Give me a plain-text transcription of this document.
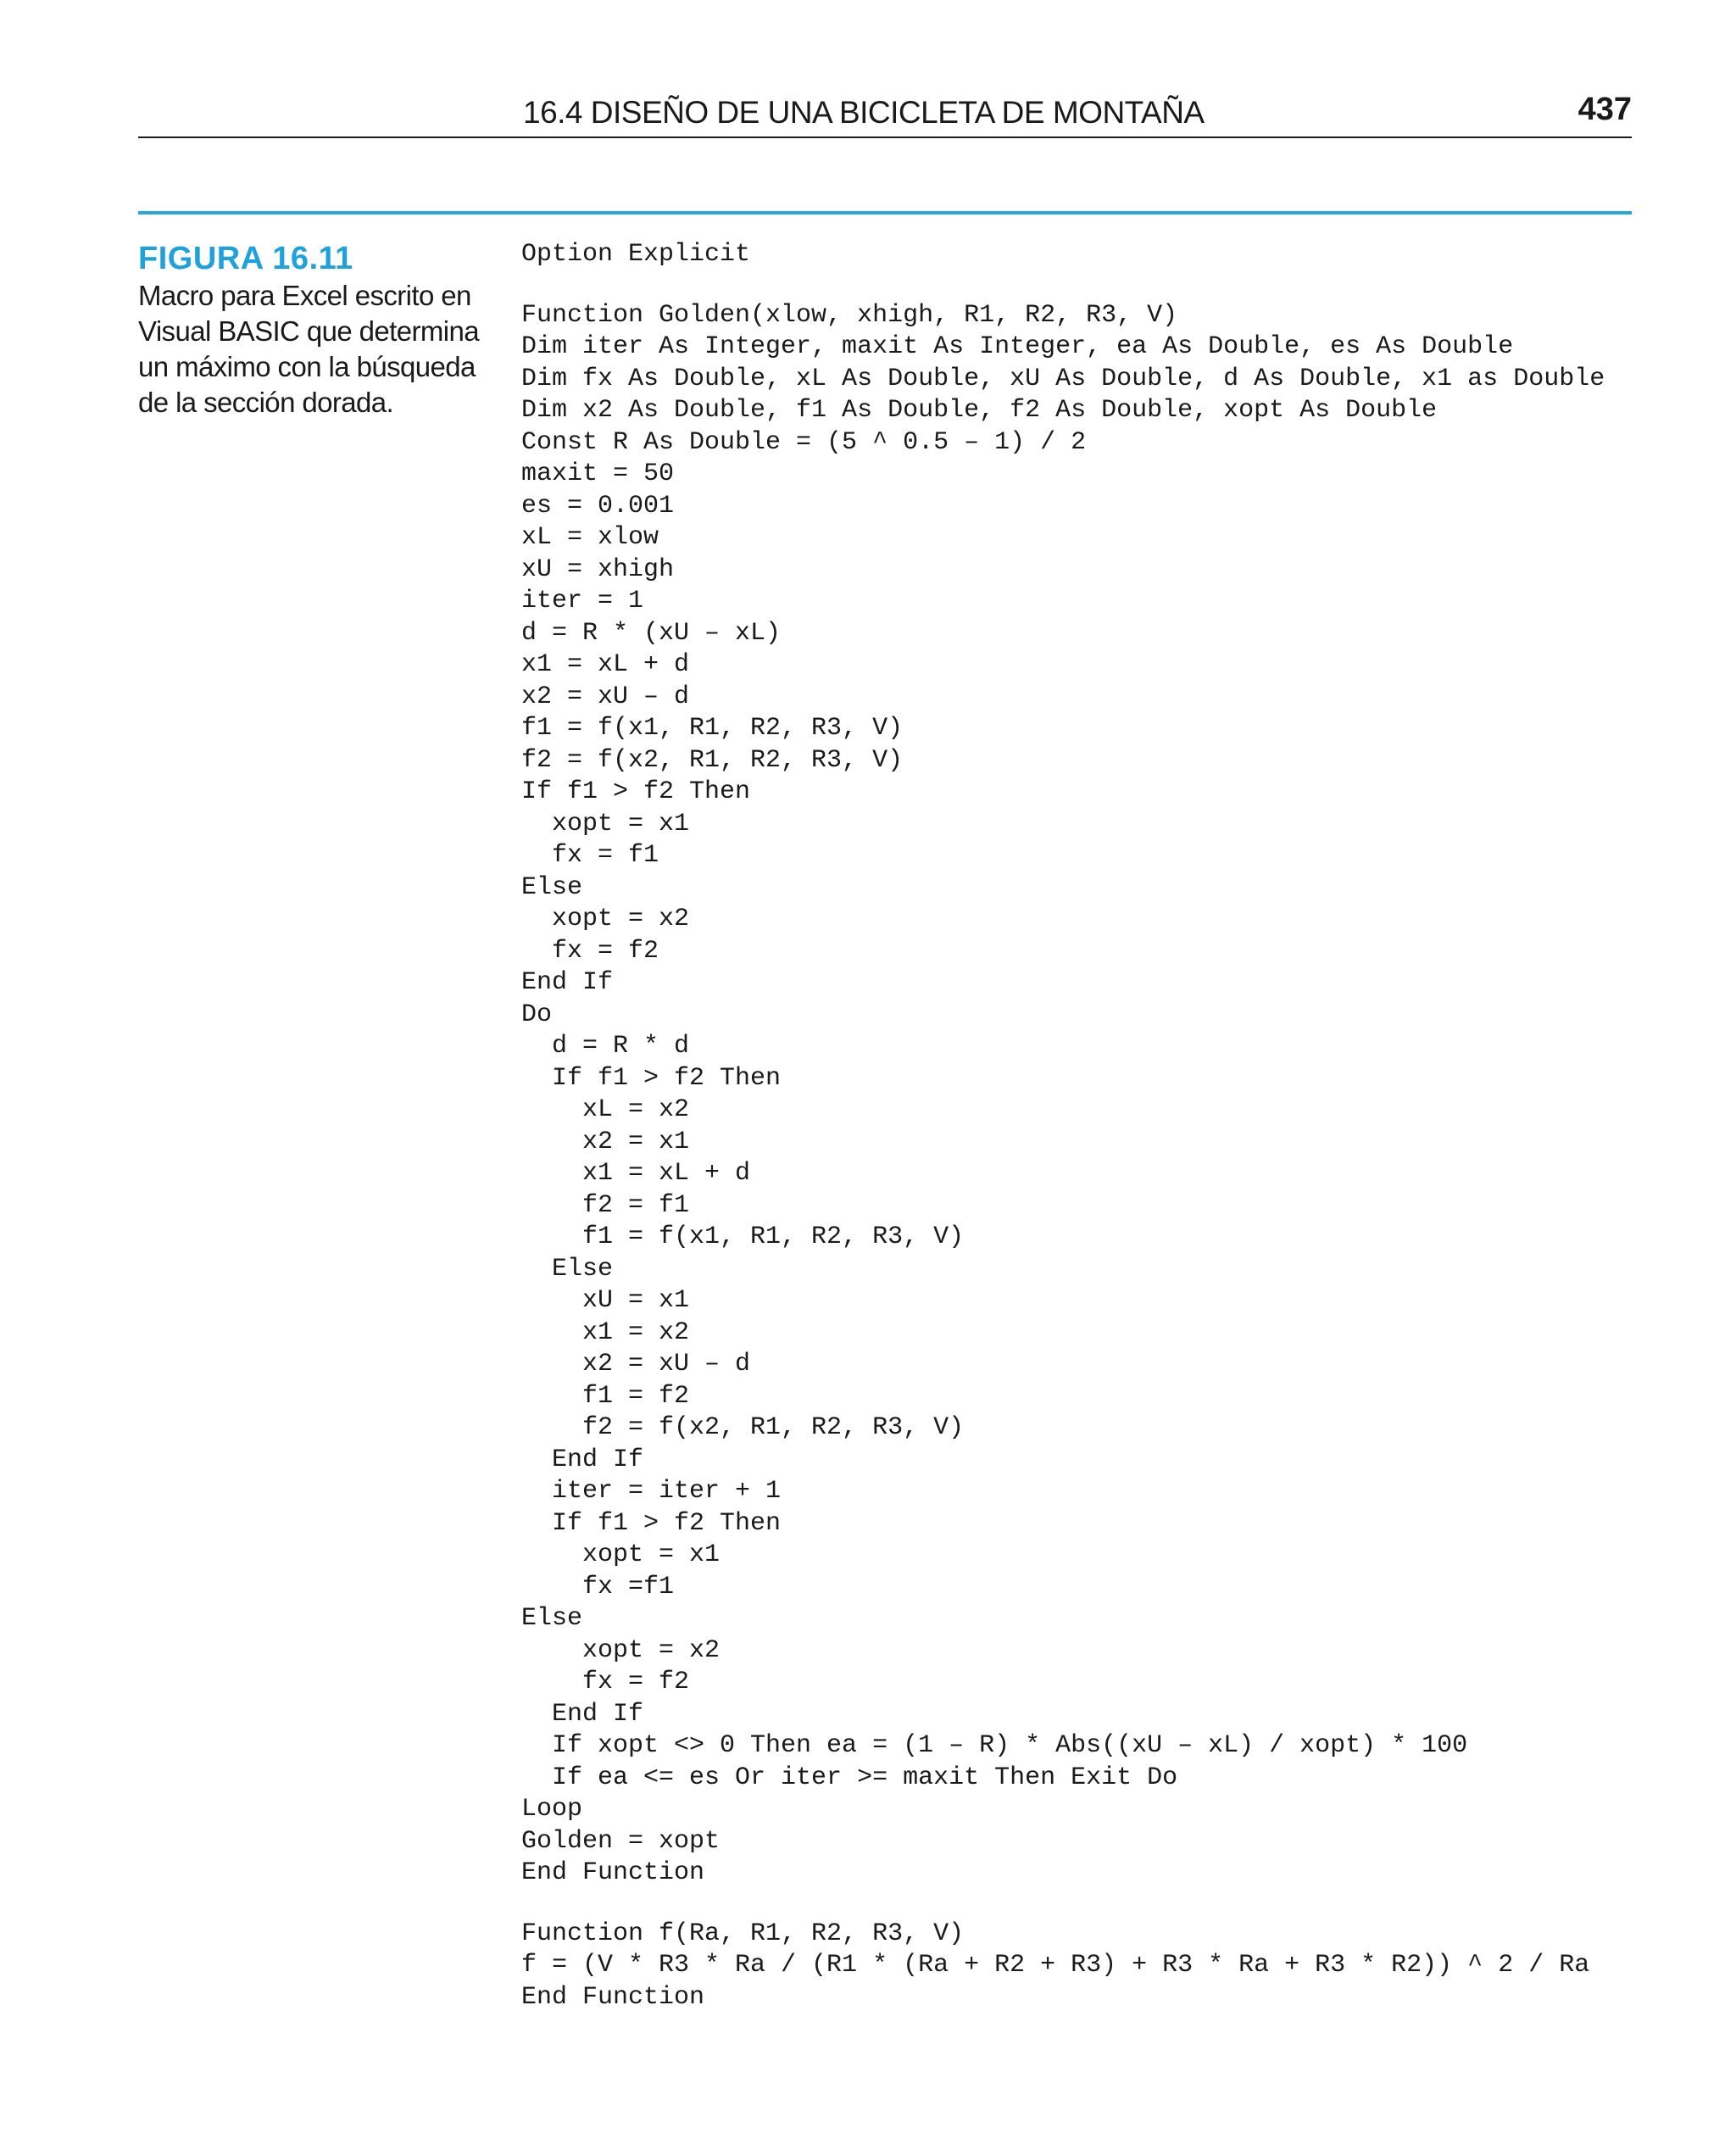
16.4 DISEÑO DE UNA BICICLETA DE MONTAÑA	437
FIGURA 16.11
Macro para Excel escrito en
Visual BASIC que determina
un máximo con la búsqueda
de la sección dorada.
Option Explicit
Function Golden(xlow, xhigh, R1, R2, R3, V)
Dim iter As Integer, maxit As Integer, ea As Double, es As Double
Dim fx As Double, xL As Double, xU As Double, d As Double, x1 as Double
Dim x2 As Double, f1 As Double, f2 As Double, xopt As Double
Const R As Double = (5 ^ 0.5 – 1) / 2
maxit = 50
es = 0.001
xL = xlow
xU = xhigh
iter = 1
d = R * (xU – xL)
x1 = xL + d
x2 = xU – d
f1 = f(x1, R1, R2, R3, V)
f2 = f(x2, R1, R2, R3, V)
If f1 > f2 Then
xopt = x1
fx = f1
Else
xopt = x2
fx = f2
End If
Do
d = R * d
If f1 > f2 Then
xL = x2
x2 = x1
x1 = xL + d
f2 = f1
f1 = f(x1, R1, R2, R3, V)
Else
xU = x1
x1 = x2
x2 = xU – d
f1 = f2
f2 = f(x2, R1, R2, R3, V)
End If
iter = iter + 1
If f1 > f2 Then
xopt = x1
fx =f1
Else
xopt = x2
fx = f2
End If
If xopt <> 0 Then ea = (1 – R) * Abs((xU – xL) / xopt) * 100
If ea <= es Or iter >= maxit Then Exit Do
Loop
Golden = xopt
End Function
Function f(Ra, R1, R2, R3, V)
f = (V * R3 * Ra / (R1 * (Ra + R2 + R3) + R3 * Ra + R3 * R2)) ^ 2 / Ra
End Function
